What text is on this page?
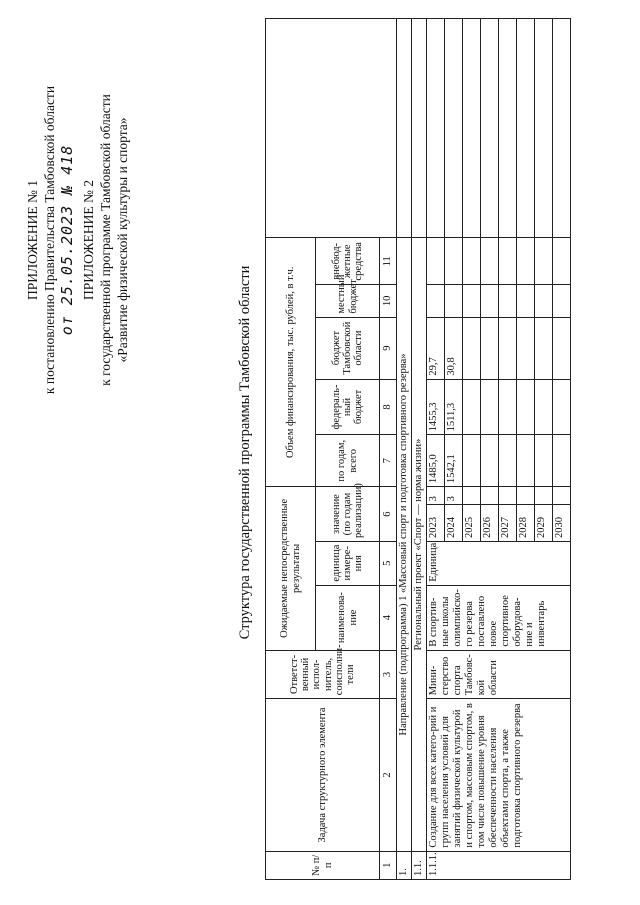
ПРИЛОЖЕНИЕ № 1 к постановлению Правительства Тамбовской области от 25.05.2023 № 418 ПРИЛОЖЕНИЕ № 2 к государственной программе Тамбовской области «Развитие физической культуры и спорта»
Структура государственной программы Тамбовской области
№ п/п	Задача структурного элемента	Ответст-венный испол-нитель, соисполни-тели	Ожидаемые непосредственные результаты				Объем финансирования, тыс. рублей, в т.ч.					
			наименова-ние	единица измере-ния	значение (по годам реализации)		по годам, всего	федераль-ный бюджет	бюджет Тамбовской области	местный бюджет	внебюд-жетные средства	
1	2	3	4	5	6		7	8	9	10	11	
1.	Направление (подпрограмма) 1 «Массовый спорт и подготовка спортивного резерва»											
1.1.	Региональный проект «Спорт — норма жизни»											
1.1.1.	Создание для всех катего-рий и групп населения условий для занятий физической культурой и спортом, массовым спортом, в том числе повышение уровня обеспеченности населения объектами спорта, а также подготовка спортивного резерва	Мини-стерство спорта Тамбовс-кой области	В спортив-ные школы олимпийско-го резерва поставлено новое спортивное оборудова-ние и инвентарь	Единица	2023	3	1485,0	1455,3	29,7			
					2024	3	1542,1	1511,3	30,8			
					2025							
					2026							
					2027							
					2028							
					2029							
					2030							
